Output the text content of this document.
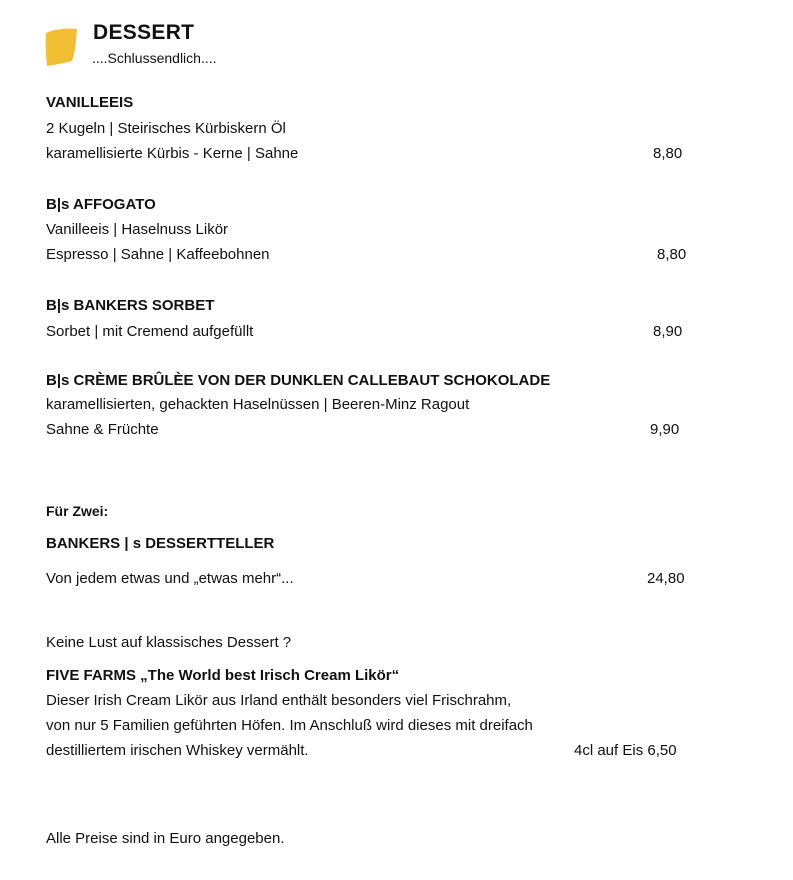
DESSERT
....Schlussendlich....
VANILLEEIS
2 Kugeln | Steirisches Kürbiskern Öl
karamellisierte Kürbis - Kerne | Sahne	8,80
B|s AFFOGATO
Vanilleeis | Haselnuss Likör
Espresso | Sahne | Kaffeebohnen	8,80
B|s BANKERS SORBET
Sorbet | mit Cremend aufgefüllt	8,90
B|s CRÈME BRÛLÈE VON DER DUNKLEN CALLEBAUT SCHOKOLADE
karamellisierten, gehackten Haselnüssen | Beeren-Minz Ragout
Sahne & Früchte	9,90
Für Zwei:
BANKERS | s DESSERTTELLER
Von jedem etwas und „etwas mehr“...	24,80
Keine Lust auf klassisches Dessert ?
FIVE FARMS „The World best Irisch Cream Likör“
Dieser Irish Cream Likör aus Irland enthält besonders viel Frischrahm,
von nur 5 Familien geführten Höfen. Im Anschluß wird dieses mit dreifach
destilliertem irischen Whiskey vermählt.	4cl auf Eis 6,50
Alle Preise sind in Euro angegeben.
